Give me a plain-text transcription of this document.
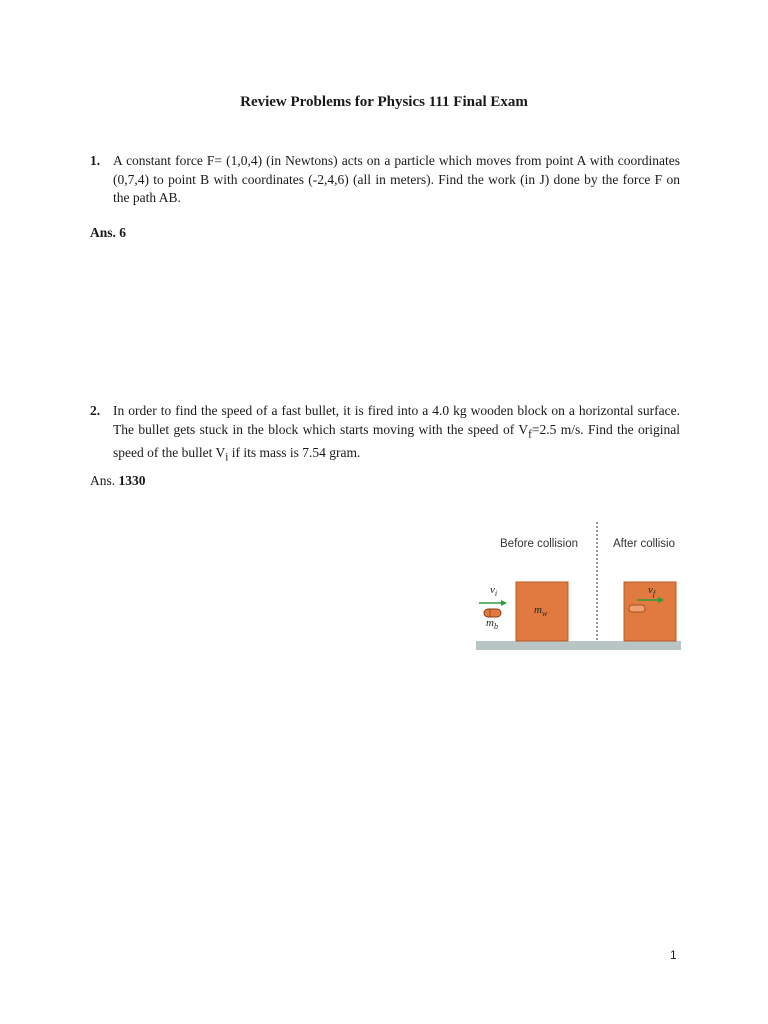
Review Problems for Physics 111 Final Exam
1. A constant force F= (1,0,4) (in Newtons) acts on a particle which moves from point A with coordinates (0,7,4) to point B with coordinates (-2,4,6) (all in meters). Find the work (in J) done by the force F on the path AB.
Ans. 6
2. In order to find the speed of a fast bullet, it is fired into a 4.0 kg wooden block on a horizontal surface. The bullet gets stuck in the block which starts moving with the speed of $V_f=2.5$ m/s. Find the original speed of the bullet $V_i$ if its mass is 7.54 gram.
Ans. 1330
Before collision	After collisio
$v_i$	$v_f$
$m_b$
$m_w$
1
